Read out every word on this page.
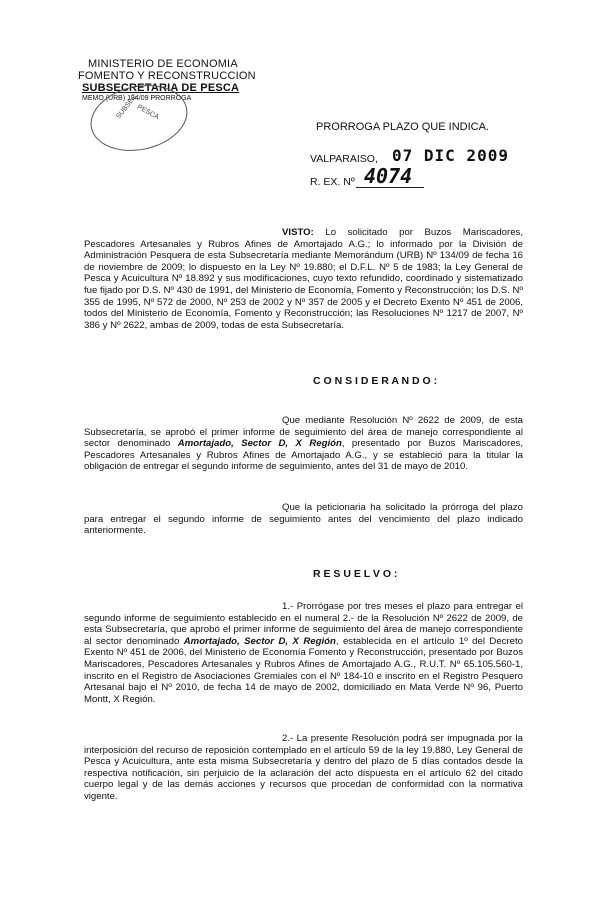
MINISTERIO DE ECONOMIA
FOMENTO Y RECONSTRUCCION
SUBSECRETARIA DE PESCA
MEMO (URB) 134/09 PRORROGA
SUBSEC
PESCA
PRORROGA PLAZO QUE INDICA.
VALPARAISO, 07 DIC 2009
R. EX. Nº 4074

VISTO: Lo solicitado por Buzos Mariscadores, Pescadores Artesanales y Rubros Afines de Amortajado A.G.; lo informado por la División de Administración Pesquera de esta Subsecretaría mediante Memorándum (URB) Nº 134/09 de fecha 16 de noviembre de 2009; lo dispuesto en la Ley Nº 19.880; el D.F.L. Nº 5 de 1983; la Ley General de Pesca y Acuicultura Nº 18.892 y sus modificaciones, cuyo texto refundido, coordinado y sistematizado fue fijado por D.S. Nº 430 de 1991, del Ministerio de Economía, Fomento y Reconstrucción; los D.S. Nº 355 de 1995, Nº 572 de 2000, Nº 253 de 2002 y Nº 357 de 2005 y el Decreto Exento Nº 451 de 2006, todos del Ministerio de Economía, Fomento y Reconstrucción; las Resoluciones Nº 1217 de 2007, Nº 386 y Nº 2622, ambas de 2009, todas de esta Subsecretaría.

C O N S I D E R A N D O :

Que mediante Resolución Nº 2622 de 2009, de esta Subsecretaría, se aprobó el primer informe de seguimiento del área de manejo correspondiente al sector denominado Amortajado, Sector D, X Región, presentado por Buzos Mariscadores, Pescadores Artesanales y Rubros Afines de Amortajado A.G., y se estableció para la titular la obligación de entregar el segundo informe de seguimiento, antes del 31 de mayo de 2010.

Que la peticionaria ha solicitado la prórroga del plazo para entregar el segundo informe de seguimiento antes del vencimiento del plazo indicado anteriormente.

R E S U E L V O :

1.- Prorrógase por tres meses el plazo para entregar el segundo informe de seguimiento establecido en el numeral 2.- de la Resolución Nº 2622 de 2009, de esta Subsecretaría, que aprobó el primer informe de seguimiento del área de manejo correspondiente al sector denominado Amortajado, Sector D, X Región, establecida en el artículo 1º del Decreto Exento Nº 451 de 2006, del Ministerio de Economía Fomento y Reconstrucción, presentado por Buzos Mariscadores, Pescadores Artesanales y Rubros Afines de Amortajado A.G., R.U.T. Nº 65.105.560-1, inscrito en el Registro de Asociaciones Gremiales con el Nº 184-10 e inscrito en el Registro Pesquero Artesanal bajo el Nº 2010, de fecha 14 de mayo de 2002, domiciliado en Mata Verde Nº 96, Puerto Montt, X Región.

2.- La presente Resolución podrá ser impugnada por la interposición del recurso de reposición contemplado en el artículo 59 de la ley 19.880, Ley General de Pesca y Acuicultura, ante esta misma Subsecretaría y dentro del plazo de 5 días contados desde la respectiva notificación, sin perjuicio de la aclaración del acto dispuesta en el artículo 62 del citado cuerpo legal y de las demás acciones y recursos que procedan de conformidad con la normativa vigente.
